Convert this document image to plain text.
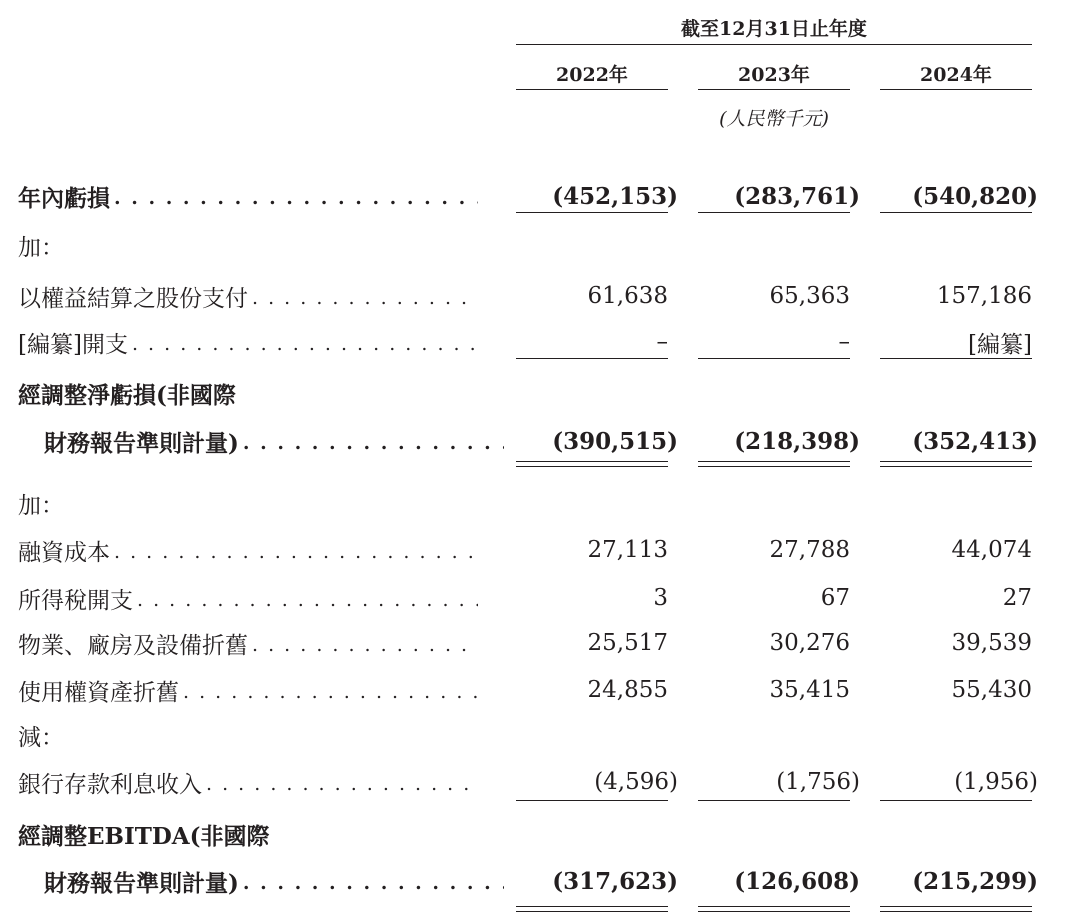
截至12月31日止年度
2022年	2023年	2024年
(人民幣千元)
年內虧損 . . .	(452,153)	(283,761)	(540,820)
加：
以權益結算之股份支付 . . .	61,638	65,363	157,186
[編纂]開支 . . .	–	–	[編纂]
經調整淨虧損(非國際
財務報告準則計量) . . .	(390,515)	(218,398)	(352,413)
加：
融資成本 . . .	27,113	27,788	44,074
所得稅開支 . . .	3	67	27
物業、廠房及設備折舊 . . .	25,517	30,276	39,539
使用權資產折舊 . . .	24,855	35,415	55,430
減：
銀行存款利息收入 . . .	(4,596)	(1,756)	(1,956)
經調整EBITDA(非國際
財務報告準則計量) . . .	(317,623)	(126,608)	(215,299)
